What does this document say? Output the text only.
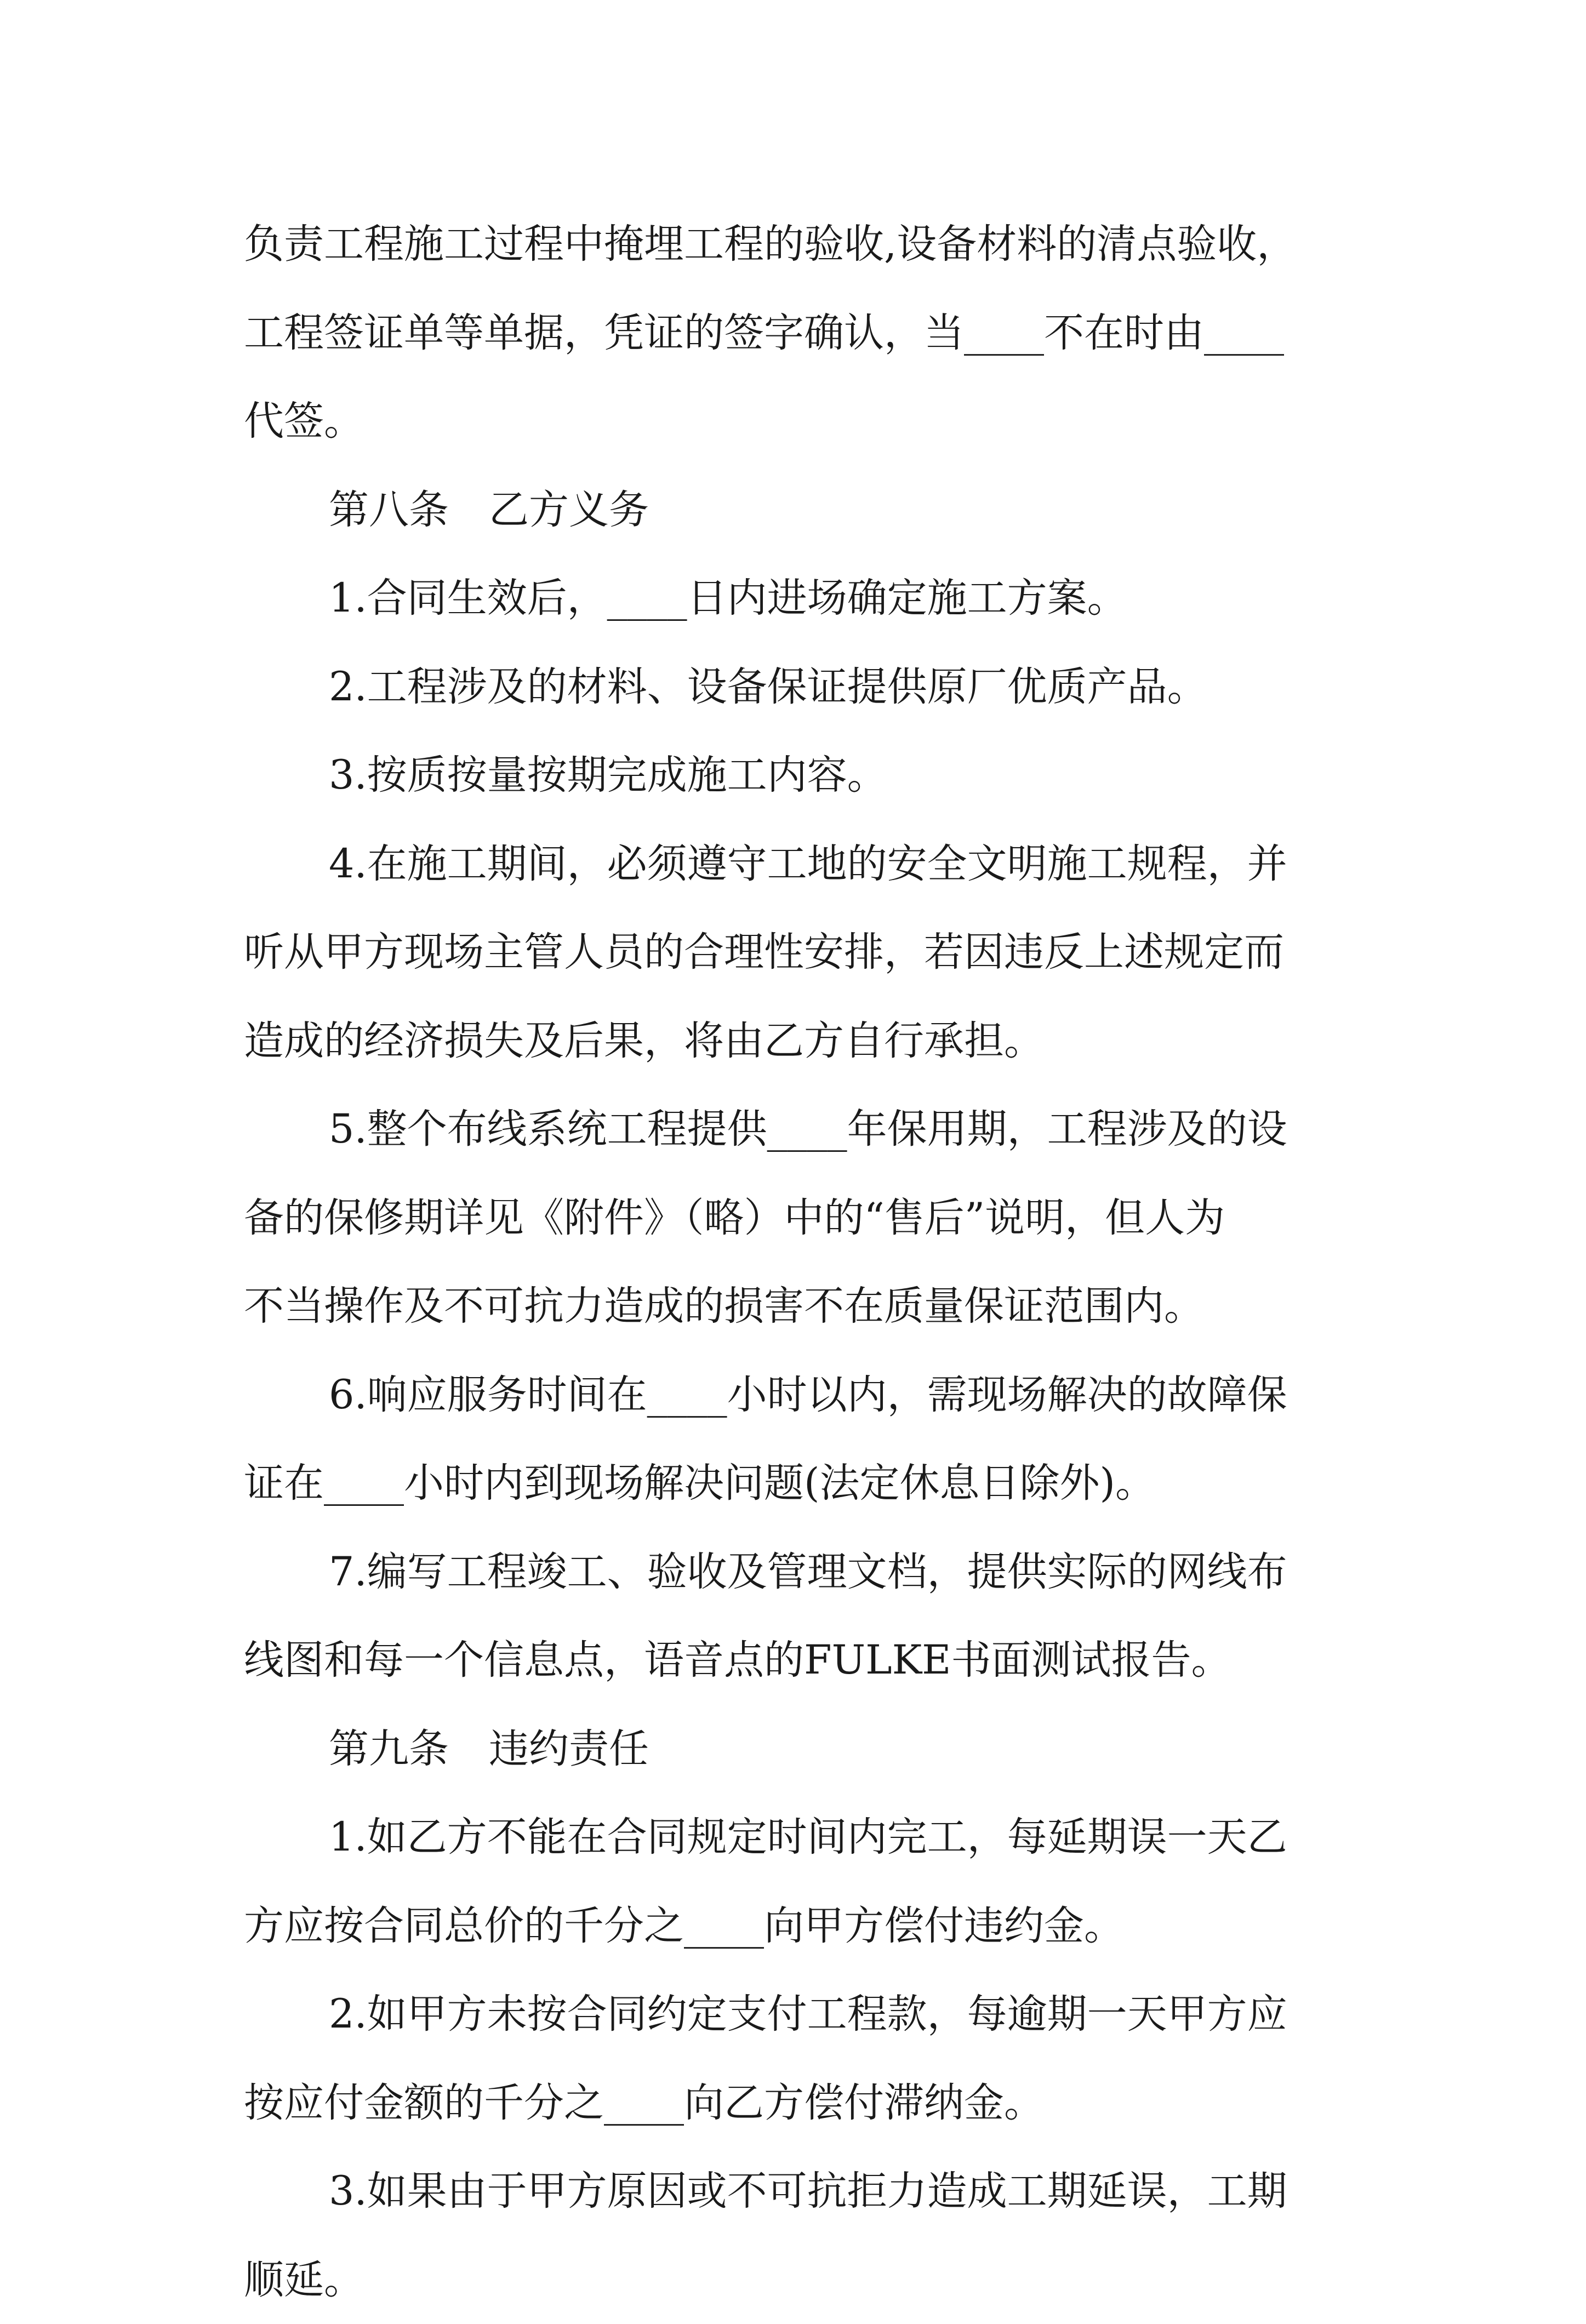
负责工程施工过程中掩埋工程的验收,设备材料的清点验收，
工程签证单等单据，凭证的签字确认，当____不在时由____
代签。
第八条　乙方义务
1.合同生效后，____日内进场确定施工方案。
2.工程涉及的材料、设备保证提供原厂优质产品。
3.按质按量按期完成施工内容。
4.在施工期间，必须遵守工地的安全文明施工规程，并
听从甲方现场主管人员的合理性安排，若因违反上述规定而
造成的经济损失及后果，将由乙方自行承担。
5.整个布线系统工程提供____年保用期，工程涉及的设
备的保修期详见《附件》（略）中的“售后”说明，但人为
不当操作及不可抗力造成的损害不在质量保证范围内。
6.响应服务时间在____小时以内，需现场解决的故障保
证在____小时内到现场解决问题(法定休息日除外)。
7.编写工程竣工、验收及管理文档，提供实际的网线布
线图和每一个信息点，语音点的FULKE书面测试报告。
第九条　违约责任
1.如乙方不能在合同规定时间内完工，每延期误一天乙
方应按合同总价的千分之____向甲方偿付违约金。
2.如甲方未按合同约定支付工程款，每逾期一天甲方应
按应付金额的千分之____向乙方偿付滞纳金。
3.如果由于甲方原因或不可抗拒力造成工期延误，工期
顺延。
